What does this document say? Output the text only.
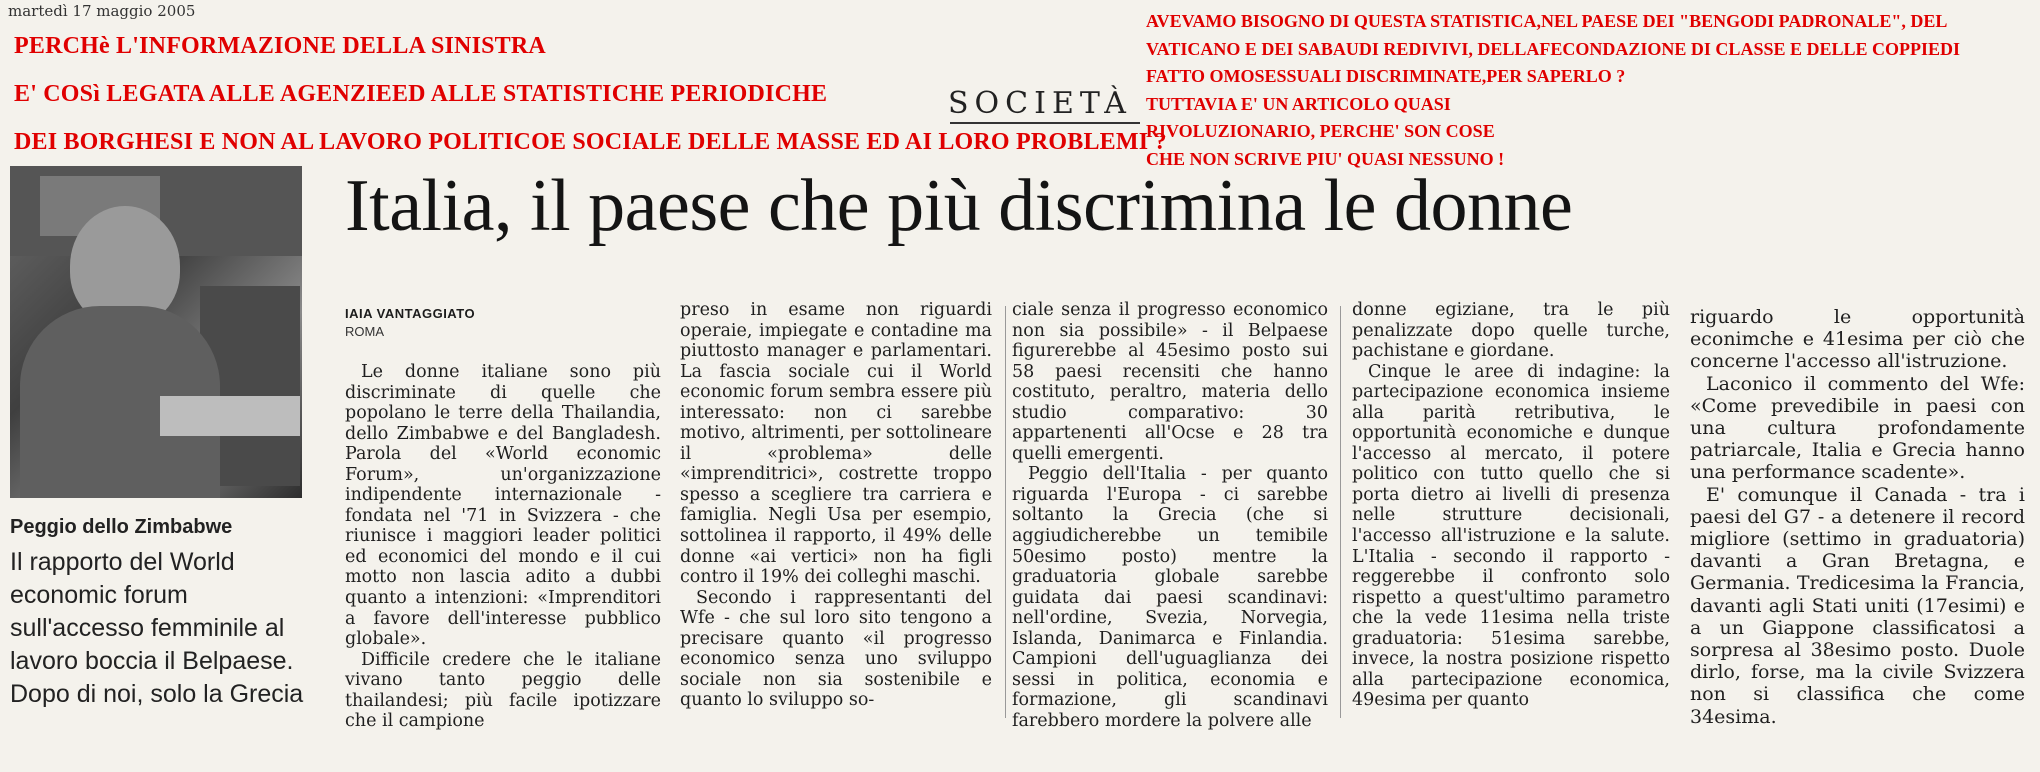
martedì 17 maggio 2005
PERCHè L'INFORMAZIONE DELLA SINISTRA
E' COSì LEGATA ALLE AGENZIEED ALLE STATISTICHE PERIODICHE
DEI BORGHESI E NON AL LAVORO POLITICOE SOCIALE DELLE MASSE ED AI LORO PROBLEMI ?
AVEVAMO BISOGNO DI QUESTA STATISTICA,NEL PAESE DEI "BENGODI PADRONALE", DEL
VATICANO E DEI SABAUDI REDIVIVI, DELLAFECONDAZIONE DI CLASSE E DELLE COPPIEDI
FATTO OMOSESSUALI DISCRIMINATE,PER SAPERLO ?
TUTTAVIA E' UN ARTICOLO QUASI
RIVOLUZIONARIO, PERCHE' SON COSE
CHE NON SCRIVE PIU' QUASI NESSUNO !
SOCIETÀ
Italia, il paese che più discrimina le donne
Peggio dello Zimbabwe
Il rapporto del World economic forum sull'accesso femminile al lavoro boccia il Belpaese. Dopo di noi, solo la Grecia
IAIA VANTAGGIATO
ROMA

Le donne italiane sono più discriminate di quelle che popolano le terre della Thailandia, dello Zimbabwe e del Bangladesh. Parola del «World economic Forum», un'organizzazione indipendente internazionale - fondata nel '71 in Svizzera - che riunisce i maggiori leader politici ed economici del mondo e il cui motto non lascia adito a dubbi quanto a intenzioni: «Imprenditori a favore dell'interesse pubblico globale».

Difficile credere che le italiane vivano tanto peggio delle thailandesi; più facile ipotizzare che il campione

preso in esame non riguardi operaie, impiegate e contadine ma piuttosto manager e parlamentari. La fascia sociale cui il World economic forum sembra essere più interessato: non ci sarebbe motivo, altrimenti, per sottolineare il «problema» delle «imprenditrici», costrette troppo spesso a scegliere tra carriera e famiglia. Negli Usa per esempio, sottolinea il rapporto, il 49% delle donne «ai vertici» non ha figli contro il 19% dei colleghi maschi.

Secondo i rappresentanti del Wfe - che sul loro sito tengono a precisare quanto «il progresso economico senza uno sviluppo sociale non sia sostenibile e quanto lo sviluppo so-

ciale senza il progresso economico non sia possibile» - il Belpaese figurerebbe al 45esimo posto sui 58 paesi recensiti che hanno costituto, peraltro, materia dello studio comparativo: 30 appartenenti all'Ocse e 28 tra quelli emergenti.

Peggio dell'Italia - per quanto riguarda l'Europa - ci sarebbe soltanto la Grecia (che si aggiudicherebbe un temibile 50esimo posto) mentre la graduatoria globale sarebbe guidata dai paesi scandinavi: nell'ordine, Svezia, Norvegia, Islanda, Danimarca e Finlandia. Campioni dell'uguaglianza dei sessi in politica, economia e formazione, gli scandinavi farebbero mordere la polvere alle

donne egiziane, tra le più penalizzate dopo quelle turche, pachistane e giordane.

Cinque le aree di indagine: la partecipazione economica insieme alla parità retributiva, le opportunità economiche e dunque l'accesso al mercato, il potere politico con tutto quello che si porta dietro ai livelli di presenza nelle strutture decisionali, l'accesso all'istruzione e la salute. L'Italia - secondo il rapporto - reggerebbe il confronto solo rispetto a quest'ultimo parametro che la vede 11esima nella triste graduatoria: 51esima sarebbe, invece, la nostra posizione rispetto alla partecipazione economica, 49esima per quanto

riguardo le opportunità econimche e 41esima per ciò che concerne l'accesso all'istruzione.

Laconico il commento del Wfe: «Come prevedibile in paesi con una cultura profondamente patriarcale, Italia e Grecia hanno una performance scadente».

E' comunque il Canada - tra i paesi del G7 - a detenere il record migliore (settimo in graduatoria) davanti a Gran Bretagna, e Germania. Tredicesima la Francia, davanti agli Stati uniti (17esimi) e a un Giappone classificatosi a sorpresa al 38esimo posto. Duole dirlo, forse, ma la civile Svizzera non si classifica che come 34esima.
